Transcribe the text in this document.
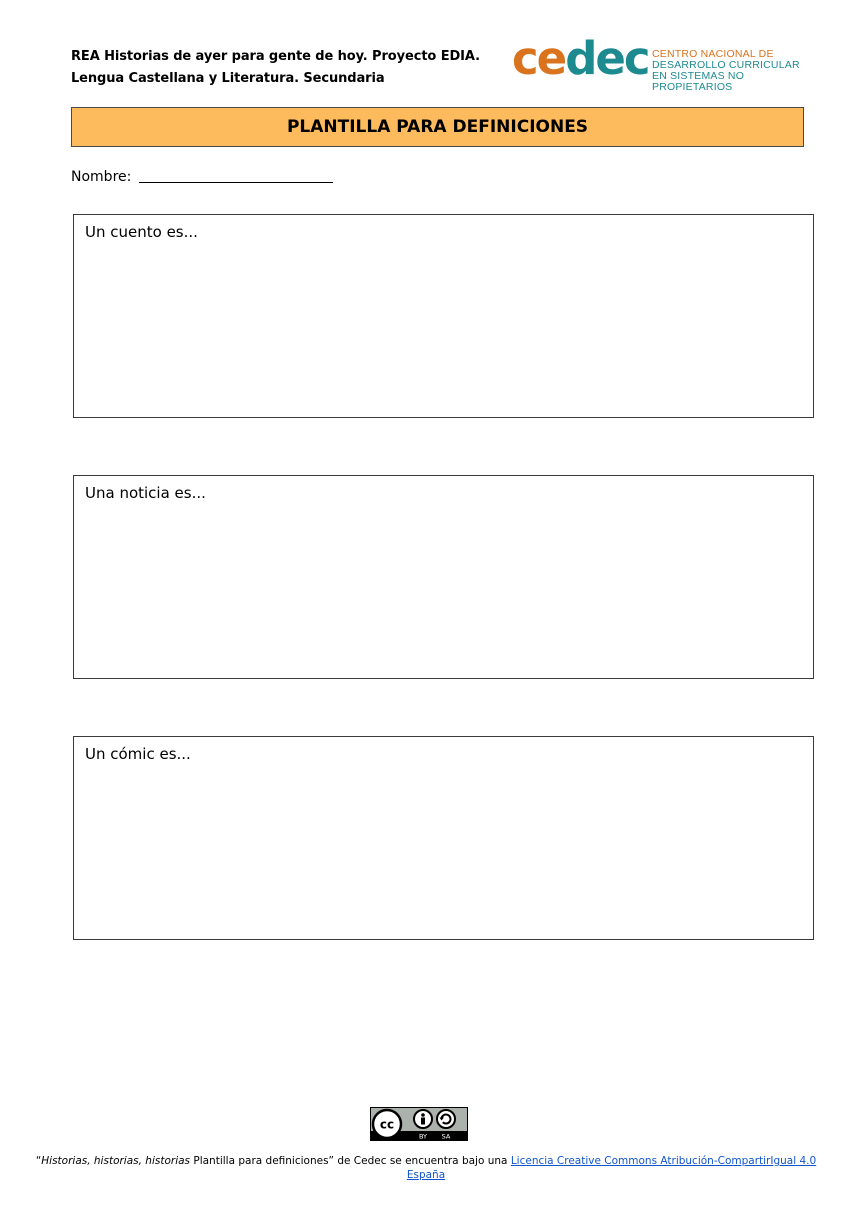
REA Historias de ayer para gente de hoy. Proyecto EDIA.
Lengua Castellana y Literatura. Secundaria	cedec CENTRO NACIONAL DE
DESARROLLO CURRICULAR
EN SISTEMAS NO PROPIETARIOS
PLANTILLA PARA DEFINICIONES
Nombre:
Un cuento es...
Una noticia es...
Un cómic es...
cc
BY SA
“Historias, historias, historias Plantilla para definiciones” de Cedec se encuentra bajo una Licencia Creative Commons Atribución-CompartirIgual 4.0 España
